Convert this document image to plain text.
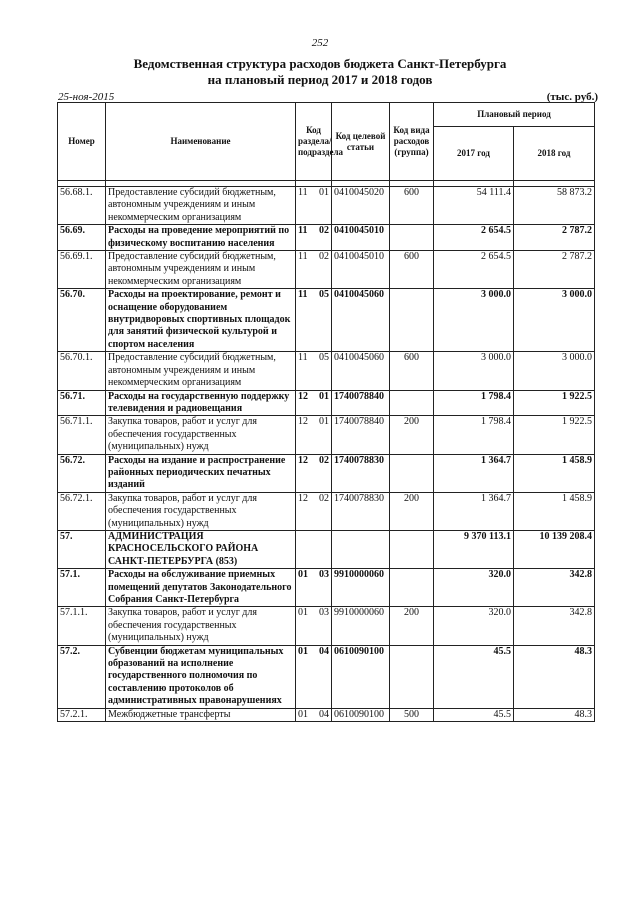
252
Ведомственная структура расходов бюджета Санкт-Петербурга
на плановый период 2017 и 2018 годов
25-ноя-2015	(тыс. руб.)
Номер	Наименование	Код раздела/ подраздела	Код целевой статьи	Код вида расходов (группа)	Плановый период	
					2017 год	2018 год

56.68.1.	Предоставление субсидий бюджетным, автономным учреждениям и иным некоммерческим организациям	11 01	0410045020	600	54 111.4	58 873.2
56.69.	Расходы на проведение мероприятий по физическому воспитанию населения	11 02	0410045010		2 654.5	2 787.2
56.69.1.	Предоставление субсидий бюджетным, автономным учреждениям и иным некоммерческим организациям	11 02	0410045010	600	2 654.5	2 787.2
56.70.	Расходы на проектирование, ремонт и оснащение оборудованием внутридворовых спортивных площадок для занятий физической культурой и спортом населения	11 05	0410045060		3 000.0	3 000.0
56.70.1.	Предоставление субсидий бюджетным, автономным учреждениям и иным некоммерческим организациям	11 05	0410045060	600	3 000.0	3 000.0
56.71.	Расходы на государственную поддержку телевидения и радиовещания	12 01	1740078840		1 798.4	1 922.5
56.71.1.	Закупка товаров, работ и услуг для обеспечения государственных (муниципальных) нужд	12 01	1740078840	200	1 798.4	1 922.5
56.72.	Расходы на издание и распространение районных периодических печатных изданий	12 02	1740078830		1 364.7	1 458.9
56.72.1.	Закупка товаров, работ и услуг для обеспечения государственных (муниципальных) нужд	12 02	1740078830	200	1 364.7	1 458.9
57.	АДМИНИСТРАЦИЯ КРАСНОСЕЛЬСКОГО РАЙОНА САНКТ-ПЕТЕРБУРГА (853)				9 370 113.1	10 139 208.4
57.1.	Расходы на обслуживание приемных помещений депутатов Законодательного Собрания Санкт-Петербурга	01 03	9910000060		320.0	342.8
57.1.1.	Закупка товаров, работ и услуг для обеспечения государственных (муниципальных) нужд	01 03	9910000060	200	320.0	342.8
57.2.	Субвенции бюджетам муниципальных образований на исполнение государственного полномочия по составлению протоколов об административных правонарушениях	01 04	0610090100		45.5	48.3
57.2.1.	Межбюджетные трансферты	01 04	0610090100	500	45.5	48.3
